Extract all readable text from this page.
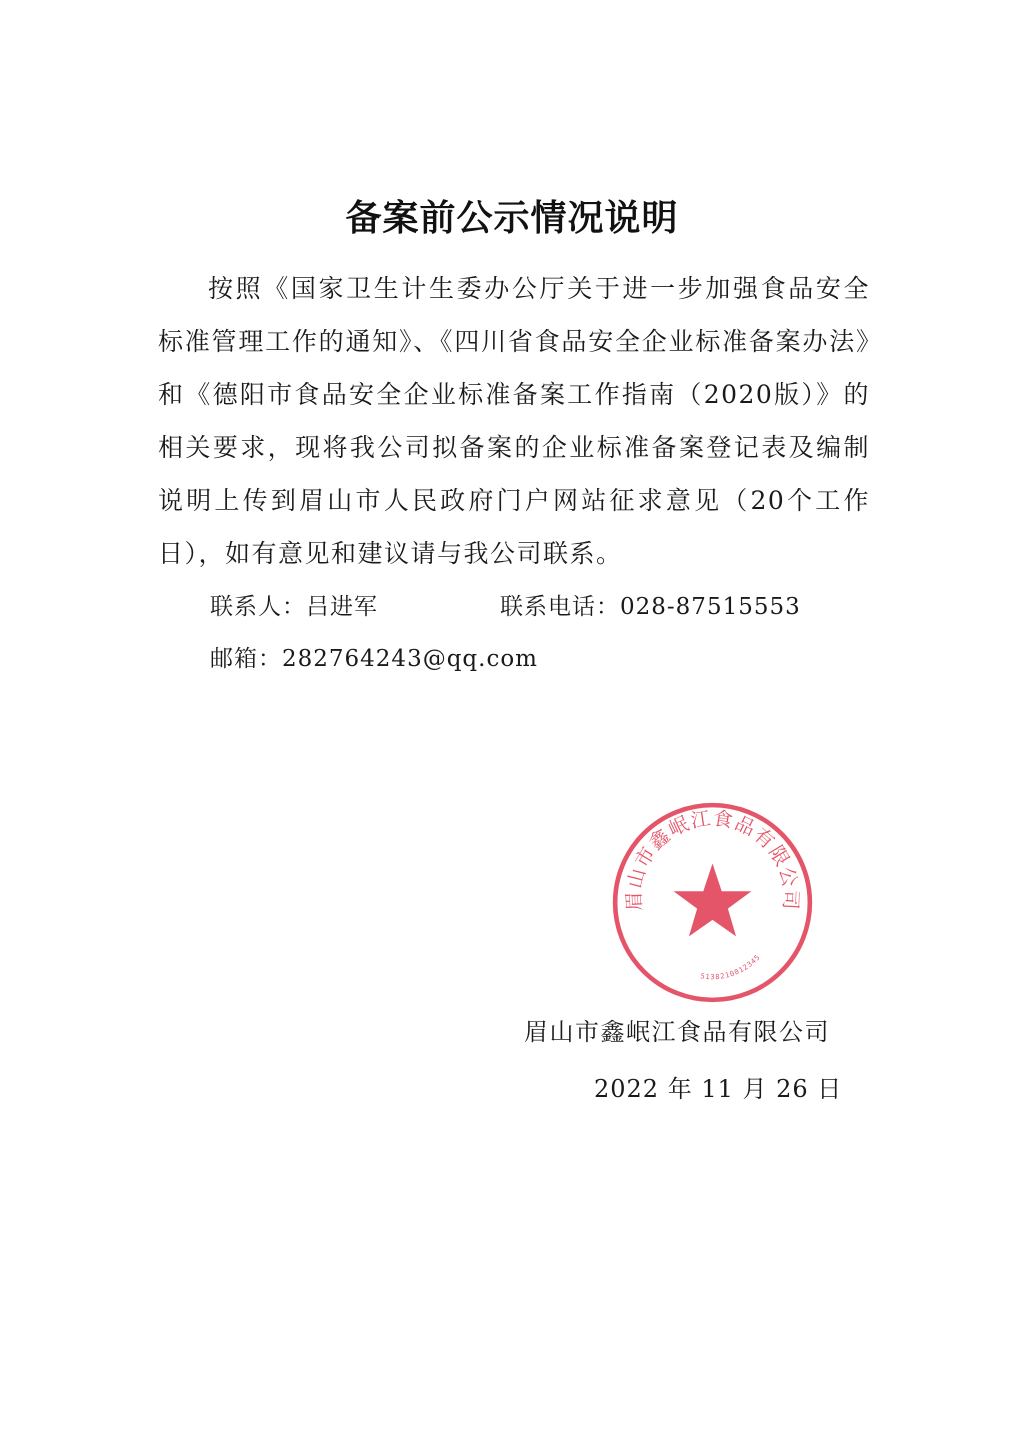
备案前公示情况说明

按照《国家卫生计生委办公厅关于进一步加强食品安全标准管理工作的通知》、《四川省食品安全企业标准备案办法》和《德阳市食品安全企业标准备案工作指南（2020版）》的相关要求，现将我公司拟备案的企业标准备案登记表及编制说明上传到眉山市人民政府门户网站征求意见（20个工作日），如有意见和建议请与我公司联系。

联系人：吕进军	联系电话：028-87515553
邮箱：282764243@qq.com
眉山市鑫岷江食品有限公司
5138210012345
眉山市鑫岷江食品有限公司
2022 年 11 月 26 日
